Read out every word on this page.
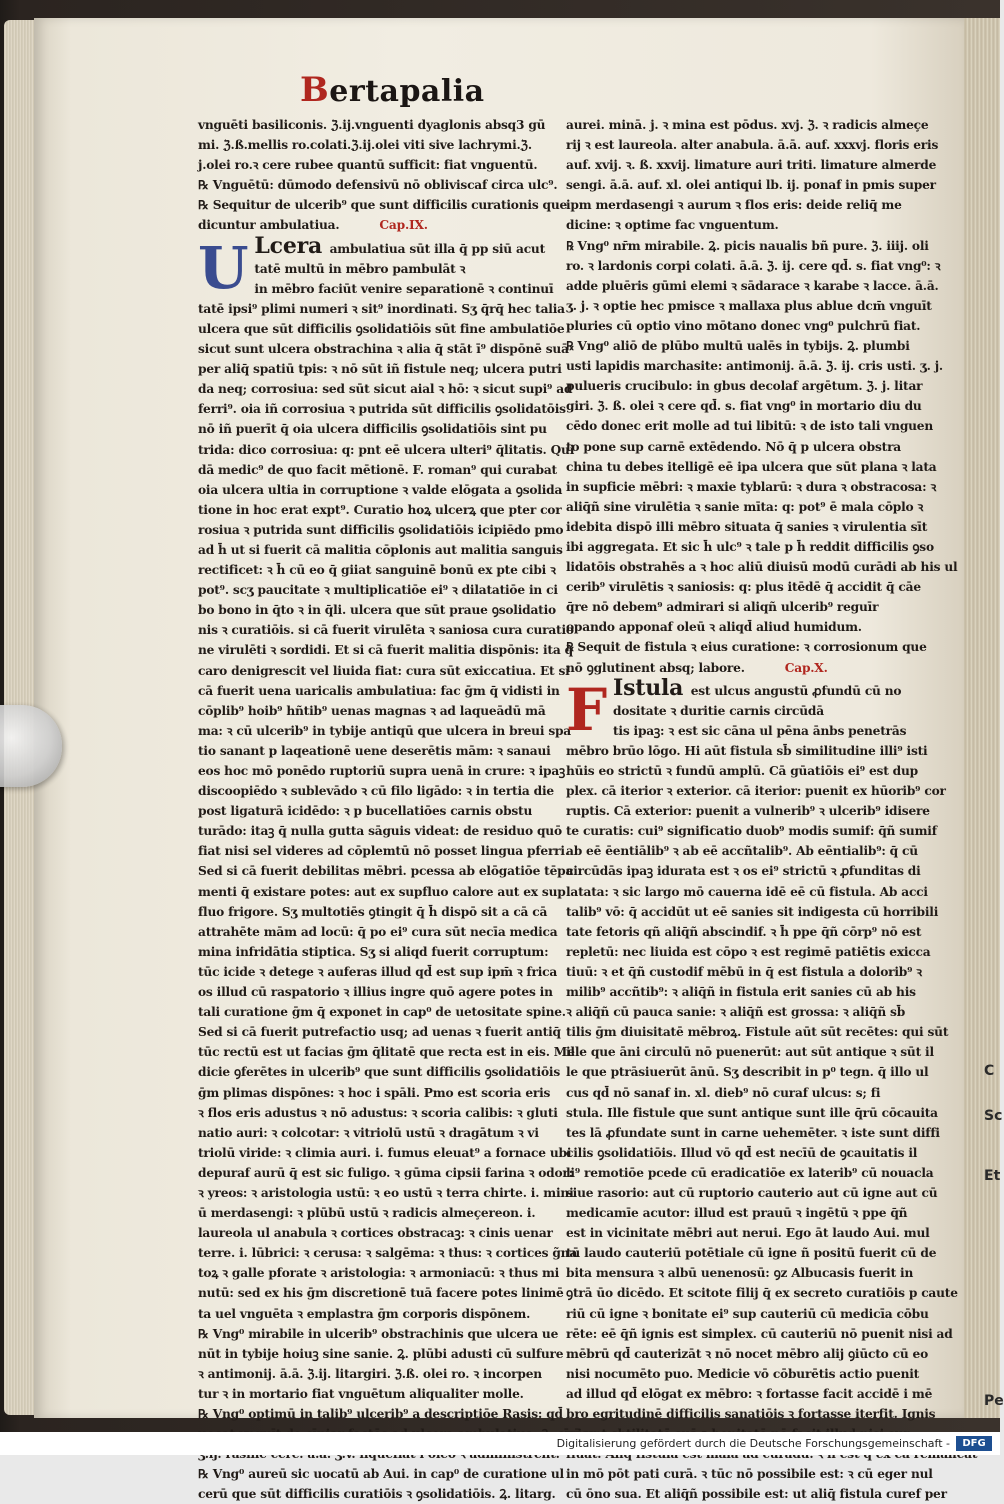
C
Sc
Et
Pe
Bertapalia

vnguēti basiliconis. ℨ.ij.vnguenti dyaglonis absq3 gū

mi. ℨ.ß.mellis ro.colati.ℨ.ij.olei viti sive lachrymi.ℨ.

j.olei ro.ꝛ cere rubee quantū sufficit: fiat vnguentū.

℞ Vnguētū: dūmodo defensivū nō obliviscaf circa ulc⁹.

℞ Sequitur de ulcerib⁹ que sunt difficilis curationis que

dicuntur ambulatiua.	Cap.IX.

U Lcera ambulatiua sūt illa q̄ pp siū acut

tatē multū in mēbro pambulāt ꝛ

in mēbro faciūt venire separationē ꝛ continuī

tatē ipsi⁹ plimi numeri ꝛ sit⁹ inordinati. Sʒ q̄rq̄ hec talia

ulcera que sūt difficilis ꝯsolidatiōis sūt fine ambulatiōe

sicut sunt ulcera obstrachina ꝛ alia q̄ stāt ī⁹ dispōnē suā

per aliq̄ spatiū tpis: ꝛ nō sūt iñ fistule neq; ulcera putri

da neq; corrosiua: sed sūt sicut aial ꝛ hō: ꝛ sicut supi⁹ ad

ferri⁹. oia iñ corrosiua ꝛ putrida sūt difficilis ꝯsolidatōis

nō iñ puerīt q̄ oia ulcera difficilis ꝯsolidatiōis sint pu

trida: dico corrosiua: q: pnt eē ulcera ulteri⁹ q̄litatis. Qui

dā medic⁹ de quo facit mētionē. F. roman⁹ qui curabat

oia ulcera ultia in corruptione ꝛ valde elōgata a ꝯsolida

tione in hoc erat expt⁹. Curatio hoꝝ ulcerꝝ que pter cor

rosiua ꝛ putrida sunt difficilis ꝯsolidatiōis icipiēdo pmo

ad h̄ ut si fuerit cā malitia cōplonis aut malitia sanguis

rectificet: ꝛ h̄ cū eo q̄ giiat sanguinē bonū ex pte cibi ꝛ

pot⁹. scʒ paucitate ꝛ multiplicatiōe ei⁹ ꝛ dilatatiōe in ci

bo bono in q̄to ꝛ in q̄li. ulcera que sūt praue ꝯsolidatio

nis ꝛ curatiōis. si cā fuerit virulēta ꝛ saniosa cura curatio

ne virulēti ꝛ sordidi. Et si cā fuerit malitia dispōnis: ita q̄

caro denigrescit vel liuida fiat: cura sūt exiccatiua. Et si

cā fuerit uena uaricalis ambulatiua: fac ḡm q̄ vidisti in

cōplib⁹ hoib⁹ hñtib⁹ uenas magnas ꝛ ad laqueādū mā

ma: ꝛ cū ulcerib⁹ in tybije antiqū que ulcera in breui spa

tio sanant p laqeationē uene deserētis mām: ꝛ sanaui

eos hoc mō ponēdo ruptoriū supra uenā in crure: ꝛ ipaꝫ

discoopiēdo ꝛ sublevādo ꝛ cū filo ligādo: ꝛ in tertia die

post ligaturā icidēdo: ꝛ p bucellatiōes carnis obstu

turādo: itaꝫ q̄ nulla gutta sāguis videat: de residuo quō

fiat nisi sel videres ad cōplemtū nō posset lingua pferri.

Sed si cā fuerit debilitas mēbri. pcessa ab elōgatiōe tēpa

menti q̄ existare potes: aut ex supfluo calore aut ex sup

fluo frigore. Sʒ multotiēs ꝯtingit q̄ h̄ dispō sit a cā cā

attrahēte mām ad locū: q̄ po ei⁹ cura sūt necīa medica

mina infridātia stiptica. Sʒ si aliqd fuerit corruptum:

tūc icide ꝛ detege ꝛ auferas illud qd̄ est sup ipm̄ ꝛ frica

os illud cū raspatorio ꝛ illius ingre quō agere potes in

tali curatione ḡm q̄ exponet in cap⁰ de uetositate spine.

Sed si cā fuerit putrefactio usq; ad uenas ꝛ fuerit antiq̄

tūc rectū est ut facias ḡm q̄litatē que recta est in eis. Me

dicie ꝯferētes in ulcerib⁹ que sunt difficilis ꝯsolidatiōis

ḡm plimas dispōnes: ꝛ hoc i spāli. Pmo est scoria eris

ꝛ flos eris adustus ꝛ nō adustus: ꝛ scoria calibis: ꝛ gluti

natio auri: ꝛ colcotar: ꝛ vitriolū ustū ꝛ dragātum ꝛ vi

triolū viride: ꝛ climia auri. i. fumus eleuat⁹ a fornace ubi

depuraf aurū q̄ est sic fuligo. ꝛ gūma cipsii farina ꝛ odor:

ꝛ yreos: ꝛ aristologia ustū: ꝛ eo ustū ꝛ terra chirte. i. mini

ū merdasengi: ꝛ plūbū ustū ꝛ radicis almeçereon. i.

laureola ul anabula ꝛ cortices obstracaꝫ: ꝛ cinis uenar

terre. i. lūbrici: ꝛ cerusa: ꝛ salgēma: ꝛ thus: ꝛ cortices g̃na

toꝝ ꝛ galle pforate ꝛ aristologia: ꝛ armoniacū: ꝛ thus mi

nutū: sed ex his ḡm discretionē tuā facere potes linimē

ta uel vnguēta ꝛ emplastra ḡm corporis dispōnem.

℞ Vng⁰ mirabile in ulcerib⁹ obstrachinis que ulcera ue

nūt in tybije hoiuꝫ sine sanie. Ꝝ. plūbi adusti cū sulfure

ꝛ antimonij. ā.ā. ℨ.ij. litargiri. ℨ.ß. olei ro. ꝛ incorpen

tur ꝛ in mortario fiat vnguētum aliqualiter molle.

℞ Vng⁰ optimū in talib⁹ ulcerib⁹ a descriptiōe Rasis: qd̄

℞ Vng⁰ aureū sic uocatū ab Aui. in cap⁰ de curatione ul

cerū que sūt difficilis curatiōis ꝛ ꝯsolidatiōis. Ꝝ. litarg.

aurei. minā. j. ꝛ mina est pōdus. xvj. ℨ. ꝛ radicis almeçe

rij ꝛ est laureola. alter anabula. ā.ā. auf. xxxvj. floris eris

auf. xvij. ꝛ. ß. xxvij. limature auri triti. limature almerde

sengi. ā.ā. auf. xl. olei antiqui lb. ij. ponaf in pmis super

ipm merdasengi ꝛ aurum ꝛ flos eris: deide reliq̄ me

dicine: ꝛ optime fac vnguentum.

℞ Vng⁰ nr̄m mirabile. Ꝝ. picis naualis bñ pure. ℨ. iiij. oli

ro. ꝛ lardonis corpi colati. ā.ā. ℨ. ij. cere qd̄. s. fiat vng⁰: ꝛ

adde pluēris gūmi elemi ꝛ sādarace ꝛ karabe ꝛ lacce. ā.ā.

ʒ. j. ꝛ optie hec pmisce ꝛ mallaxa plus ablue dcm̄ vnguīt

pluries cū optio vino mōtano donec vng⁰ pulchrū fiat.

℞ Vng⁰ aliō de plūbo multū ualēs in tybijs. Ꝝ. plumbi

usti lapidis marchasite: antimonij. ā.ā. ℨ. ij. cris usti. ʒ. j.

pulueris crucibulo: in gbus decolaf argētum. ℨ. j. litar

giri. ℨ. ß. olei ꝛ cere qd̄. s. fiat vng⁰ in mortario diu du

cēdo donec erit molle ad tui libitū: ꝛ de isto tali vnguen

to pone sup carnē extēdendo. Nō q̄ p ulcera obstra

china tu debes itelligē eē ipa ulcera que sūt plana ꝛ lata

in supficie mēbri: ꝛ maxie tyblarū: ꝛ dura ꝛ obstracosa: ꝛ

aliq̄ñ sine virulētia ꝛ sanie mīta: q: pot⁹ ē mala cōplo ꝛ

idebita dispō illi mēbro situata q̄ sanies ꝛ virulentia sīt

ibi aggregata. Et sic h̄ ulc⁹ ꝛ tale p h̄ reddit difficilis ꝯso

lidatōis obstrahēs a ꝛ hoc aliū diuisū modū curādi ab his ul

cerib⁹ virulētis ꝛ saniosis: q: plus itēdē q̄ accidit q̄ cāe

q̄re nō debem⁹ admirari si aliqñ ulcerib⁹ reguīr

opando apponaf oleū ꝛ aliqd̄ aliud humidum.

℞ Sequit de fistula ꝛ eius curatione: ꝛ corrosionum que

nō ꝯglutinent absq; labore.	Cap.X.

F Istula est ulcus angustū ꝓfundū cū no

dositate ꝛ duritie carnis circūdā

tis ipaꝫ: ꝛ est sic cāna ul pēna ānbs penetrās

mēbro brūo lōgo. Hi aūt fistula sb̄ similitudine illi⁹ isti

hūis eo strictū ꝛ fundū amplū. Cā gūatiōis ei⁹ est dup

plex. cā iterior ꝛ exterior. cā iterior: puenit ex hūorib⁹ cor

ruptis. Cā exterior: puenit a vulnerib⁹ ꝛ ulcerib⁹ idisere

te curatis: cui⁹ significatio duob⁹ modis sumif: q̄ñ sumif

ab eē ēentiālib⁹ ꝛ ab eē accñtalib⁹. Ab eēntialib⁹: q̄ cū

circūdās ipaꝫ idurata est ꝛ os ei⁹ strictū ꝛ ꝓfunditas di

latata: ꝛ sic largo mō cauerna idē eē cū fistula. Ab acci

talib⁹ vō: q̄ accidūt ut eē sanies sit indigesta cū horribili

tate fetoris qñ aliq̄ñ abscindif. ꝛ h̄ ppe q̄ñ cōrp⁹ nō est

repletū: nec liuida est cōpo ꝛ est regimē patiētis exicca

tiuū: ꝛ et q̄ñ custodif mēbū in q̄ est fistula a dolorib⁹ ꝛ

milib⁹ accñtib⁹: ꝛ aliq̄ñ in fistula erit sanies cū ab his

ꝛ aliq̄ñ cū pauca sanie: ꝛ aliq̄ñ est grossa: ꝛ aliq̄ñ sb̄

tilis ḡm diuisitatē mēbroꝝ. Fistule aūt sūt recētes: qui sūt

ille que āni circulū nō puenerūt: aut sūt antique ꝛ sūt il

le que ptrāsiuerūt ānū. Sʒ describit in p⁰ tegn. q̄ illo ul

cus qd̄ nō sanaf in. xl. dieb⁹ nō curaf ulcus: s; fi

stula. Ille fistule que sunt antique sunt ille q̄rū cōcauita

tes lā ꝓfundate sunt in carne uehemēter. ꝛ iste sunt diffi

cilis ꝯsolidatiōis. Illud vō qd̄ est necīū de ꝯcauitatis il

li⁹ remotiōe pcede cū eradicatiōe ex laterib⁹ cū nouacla

siue rasorio: aut cū ruptorio cauterio aut cū igne aut cū

medicamīe acutor: illud est prauū ꝛ ingētū ꝛ ppe q̄ñ

est in vicinitate mēbri aut nerui. Ego āt laudo Aui. mul

tū laudo cauteriū potētiale cū igne ñ positū fuerit cū de

bita mensura ꝛ albū uenenosū: ꝯz Albucasis fuerit in

ꝯtrā ūo dicēdo. Et scitote filij q̄ ex secreto curatiōis p caute

riū cū igne ꝛ bonitate ei⁹ sup cauteriū cū medicīa cōbu

rēte: eē q̄ñ ignis est simplex. cū cauteriū nō puenit nisi ad

mēbrū qd̄ cauterizāt ꝛ nō nocet mēbro alij ꝯiūcto cū eo

nisi nocumēto puo. Medicie vō cōburētis actio puenit

ad illud qd̄ elōgat ex mēbro: ꝛ fortasse facit accidē i mē

bro egritudinē difficilis sanatiōis ꝛ fortasse iterfit. Ignis

in mō pōt pati curā. ꝛ tūc nō possibile est: ꝛ cū eger nul

cū ōno sua. Et aliq̄ñ possibile est: ut aliq̄ fistula curef per

Digitalisierung gefördert durch die Deutsche Forschungsgemeinschaft -	DFG
